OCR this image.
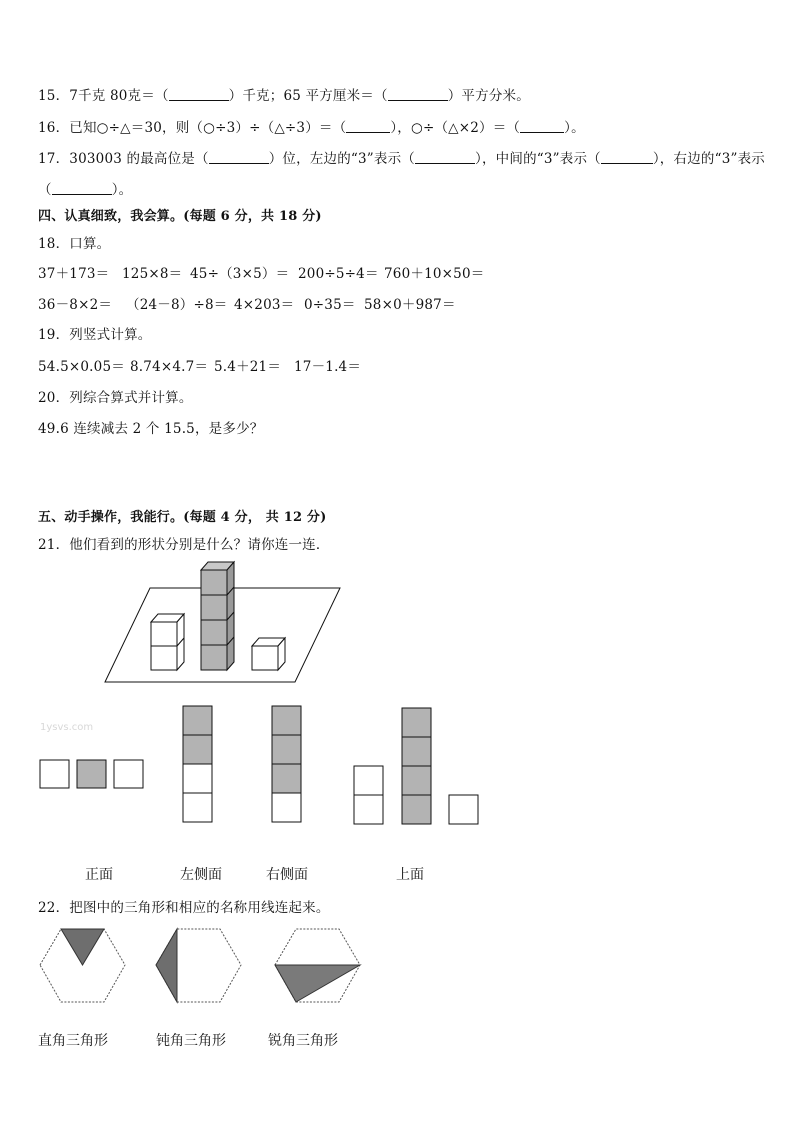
15．7千克 80克＝（	）千克；65 平方厘米＝（	）平方分米。
16．已知○÷△＝30，则（○÷3）÷（△÷3）＝（	），○÷（△×2）＝（	）。
17．303003 的最高位是（	）位，左边的“3”表示（	），中间的“3”表示（	），右边的“3”表示
（	）。
四、认真细致，我会算。(每题 6 分，共 18 分)
18．口算。
37＋173＝ 125×8＝ 45÷（3×5）＝ 200÷5÷4＝ 760＋10×50＝
36－8×2＝ （24－8）÷8＝ 4×203＝ 0÷35＝ 58×0＋987＝
19．列竖式计算。
54.5×0.05＝ 8.74×4.7＝ 5.4＋21＝ 17－1.4＝
20．列综合算式并计算。
49.6 连续减去 2 个 15.5，是多少？
五、动手操作，我能行。(每题 4 分， 共 12 分)
21．他们看到的形状分别是什么？请你连一连．
1ysvs.com
正面	左侧面	右侧面	上面
22．把图中的三角形和相应的名称用线连起来。
直角三角形	钝角三角形	锐角三角形
